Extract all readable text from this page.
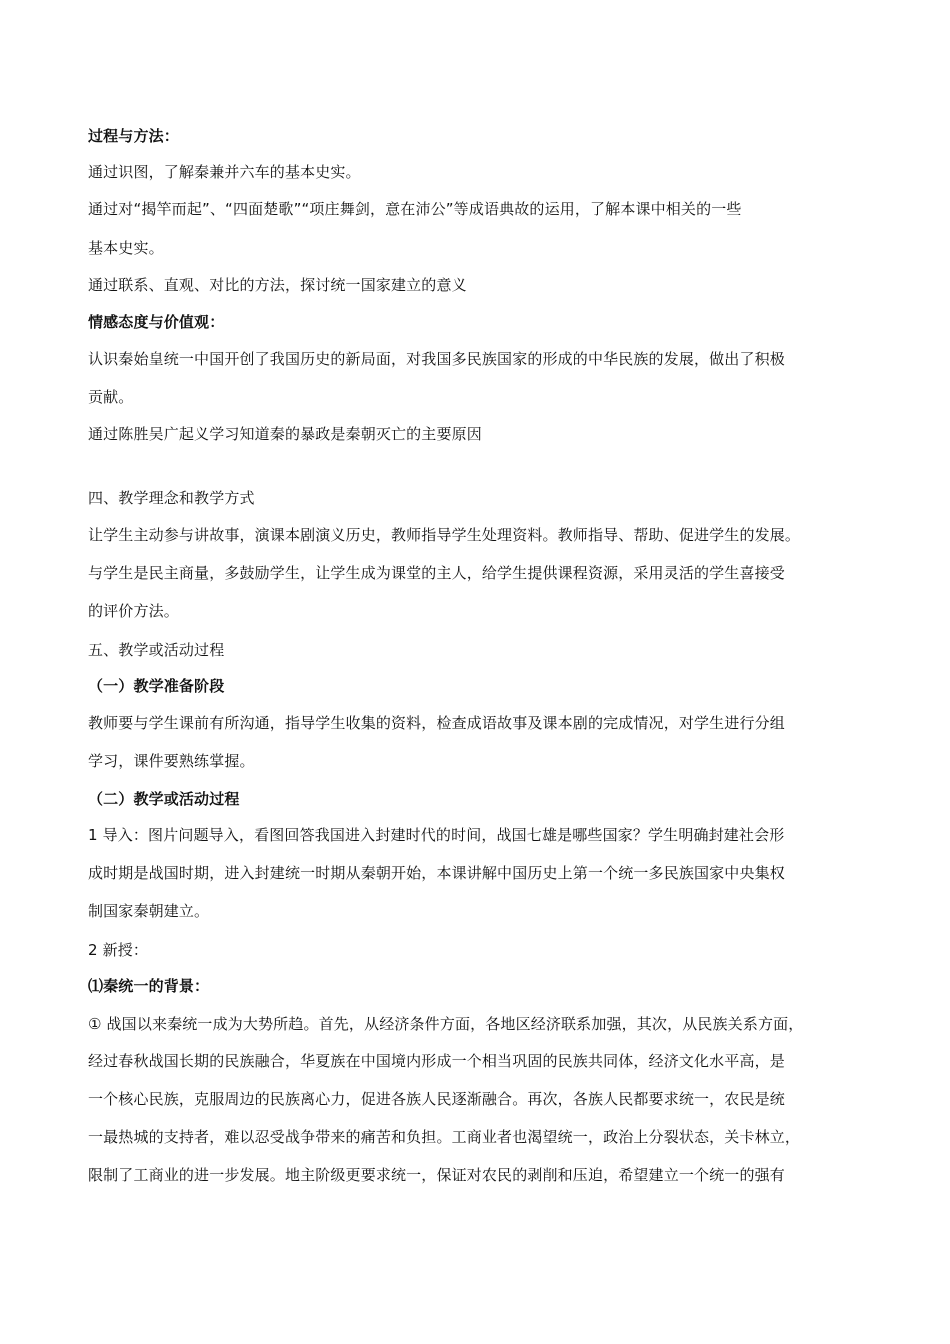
过程与方法：
通过识图，了解秦兼并六车的基本史实。
通过对“揭竿而起”、“四面楚歌”“项庄舞剑，意在沛公”等成语典故的运用，了解本课中相关的一些
基本史实。
通过联系、直观、对比的方法，探讨统一国家建立的意义
情感态度与价值观：
认识秦始皇统一中国开创了我国历史的新局面，对我国多民族国家的形成的中华民族的发展，做出了积极
贡献。
通过陈胜吴广起义学习知道秦的暴政是秦朝灭亡的主要原因
四、教学理念和教学方式
让学生主动参与讲故事，演课本剧演义历史，教师指导学生处理资料。教师指导、帮助、促进学生的发展。
与学生是民主商量，多鼓励学生，让学生成为课堂的主人，给学生提供课程资源，采用灵活的学生喜接受
的评价方法。
五、教学或活动过程
（一）教学准备阶段
教师要与学生课前有所沟通，指导学生收集的资料，检查成语故事及课本剧的完成情况，对学生进行分组
学习，课件要熟练掌握。
（二）教学或活动过程
1 导入：图片问题导入，看图回答我国进入封建时代的时间，战国七雄是哪些国家？学生明确封建社会形
成时期是战国时期，进入封建统一时期从秦朝开始，本课讲解中国历史上第一个统一多民族国家中央集权
制国家秦朝建立。
2 新授：
⑴秦统一的背景：
① 战国以来秦统一成为大势所趋。首先，从经济条件方面，各地区经济联系加强，其次，从民族关系方面，
经过春秋战国长期的民族融合，华夏族在中国境内形成一个相当巩固的民族共同体，经济文化水平高，是
一个核心民族，克服周边的民族离心力，促进各族人民逐渐融合。再次，各族人民都要求统一，农民是统
一最热城的支持者，难以忍受战争带来的痛苦和负担。工商业者也渴望统一，政治上分裂状态，关卡林立，
限制了工商业的进一步发展。地主阶级更要求统一，保证对农民的剥削和压迫，希望建立一个统一的强有
